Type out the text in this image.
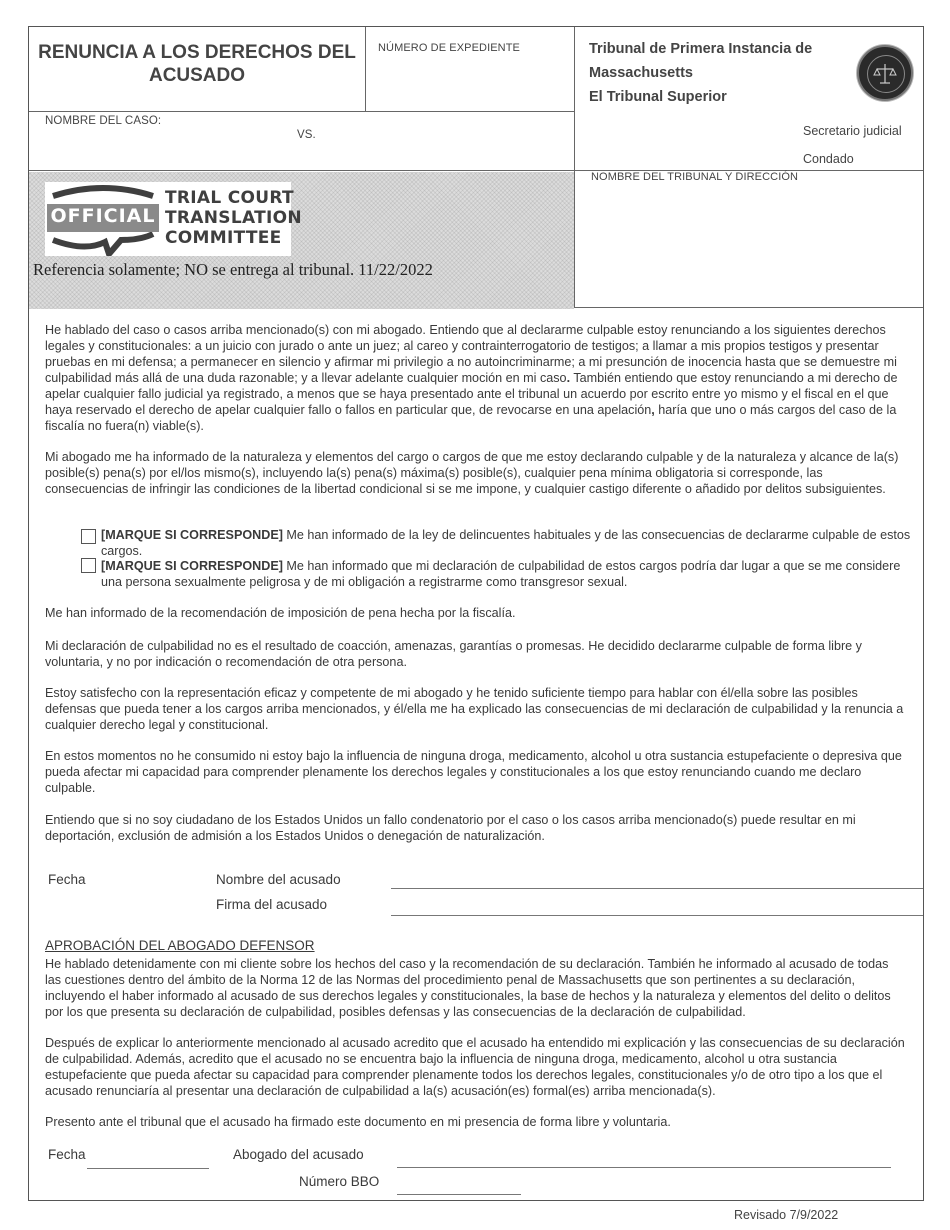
RENUNCIA A LOS DERECHOS DEL ACUSADO
NÚMERO DE EXPEDIENTE	Tribunal de Primera Instancia de
Massachusetts
El Tribunal Superior
NOMBRE DEL CASO:
VS.	Secretario judicial
Condado
NOMBRE DEL TRIBUNAL Y DIRECCIÓN
OFFICIAL
TRIAL COURT
TRANSLATION
COMMITTEE
Referencia solamente; NO se entrega al tribunal. 11/22/2022

He hablado del caso o casos arriba mencionado(s) con mi abogado. Entiendo que al declararme culpable estoy renunciando a los siguientes derechos legales y constitucionales: a un juicio con jurado o ante un juez; al careo y contrainterrogatorio de testigos; a llamar a mis propios testigos y presentar pruebas en mi defensa; a permanecer en silencio y afirmar mi privilegio a no autoincriminarme; a mi presunción de inocencia hasta que se demuestre mi culpabilidad más allá de una duda razonable; y a llevar adelante cualquier moción en mi caso. También entiendo que estoy renunciando a mi derecho de apelar cualquier fallo judicial ya registrado, a menos que se haya presentado ante el tribunal un acuerdo por escrito entre yo mismo y el fiscal en el que haya reservado el derecho de apelar cualquier fallo o fallos en particular que, de revocarse en una apelación, haría que uno o más cargos del caso de la fiscalía no fuera(n) viable(s).

Mi abogado me ha informado de la naturaleza y elementos del cargo o cargos de que me estoy declarando culpable y de la naturaleza y alcance de la(s) posible(s) pena(s) por el/los mismo(s), incluyendo la(s) pena(s) máxima(s) posible(s), cualquier pena mínima obligatoria si corresponde, las consecuencias de infringir las condiciones de la libertad condicional si se me impone, y cualquier castigo diferente o añadido por delitos subsiguientes.

[MARQUE SI CORRESPONDE] Me han informado de la ley de delincuentes habituales y de las consecuencias de declararme culpable de estos cargos.

[MARQUE SI CORRESPONDE] Me han informado que mi declaración de culpabilidad de estos cargos podría dar lugar a que se me considere una persona sexualmente peligrosa y de mi obligación a registrarme como transgresor sexual.

Me han informado de la recomendación de imposición de pena hecha por la fiscalía.

Mi declaración de culpabilidad no es el resultado de coacción, amenazas, garantías o promesas. He decidido declararme culpable de forma libre y voluntaria, y no por indicación o recomendación de otra persona.

Estoy satisfecho con la representación eficaz y competente de mi abogado y he tenido suficiente tiempo para hablar con él/ella sobre las posibles defensas que pueda tener a los cargos arriba mencionados, y él/ella me ha explicado las consecuencias de mi declaración de culpabilidad y la renuncia a cualquier derecho legal y constitucional.

En estos momentos no he consumido ni estoy bajo la influencia de ninguna droga, medicamento, alcohol u otra sustancia estupefaciente o depresiva que pueda afectar mi capacidad para comprender plenamente los derechos legales y constitucionales a los que estoy renunciando cuando me declaro culpable.

Entiendo que si no soy ciudadano de los Estados Unidos un fallo condenatorio por el caso o los casos arriba mencionado(s) puede resultar en mi deportación, exclusión de admisión a los Estados Unidos o denegación de naturalización.

Fecha	Nombre del acusado
Firma del acusado
APROBACIÓN DEL ABOGADO DEFENSOR

He hablado detenidamente con mi cliente sobre los hechos del caso y la recomendación de su declaración. También he informado al acusado de todas las cuestiones dentro del ámbito de la Norma 12 de las Normas del procedimiento penal de Massachusetts que son pertinentes a su declaración, incluyendo el haber informado al acusado de sus derechos legales y constitucionales, la base de hechos y la naturaleza y elementos del delito o delitos por los que presenta su declaración de culpabilidad, posibles defensas y las consecuencias de la declaración de culpabilidad.

Después de explicar lo anteriormente mencionado al acusado acredito que el acusado ha entendido mi explicación y las consecuencias de su declaración de culpabilidad. Además, acredito que el acusado no se encuentra bajo la influencia de ninguna droga, medicamento, alcohol u otra sustancia estupefaciente que pueda afectar su capacidad para comprender plenamente todos los derechos legales, constitucionales y/o de otro tipo a los que el acusado renunciaría al presentar una declaración de culpabilidad a la(s) acusación(es) formal(es) arriba mencionada(s).

Presento ante el tribunal que el acusado ha firmado este documento en mi presencia de forma libre y voluntaria.

Fecha	Abogado del acusado
Número BBO
Revisado 7/9/2022
